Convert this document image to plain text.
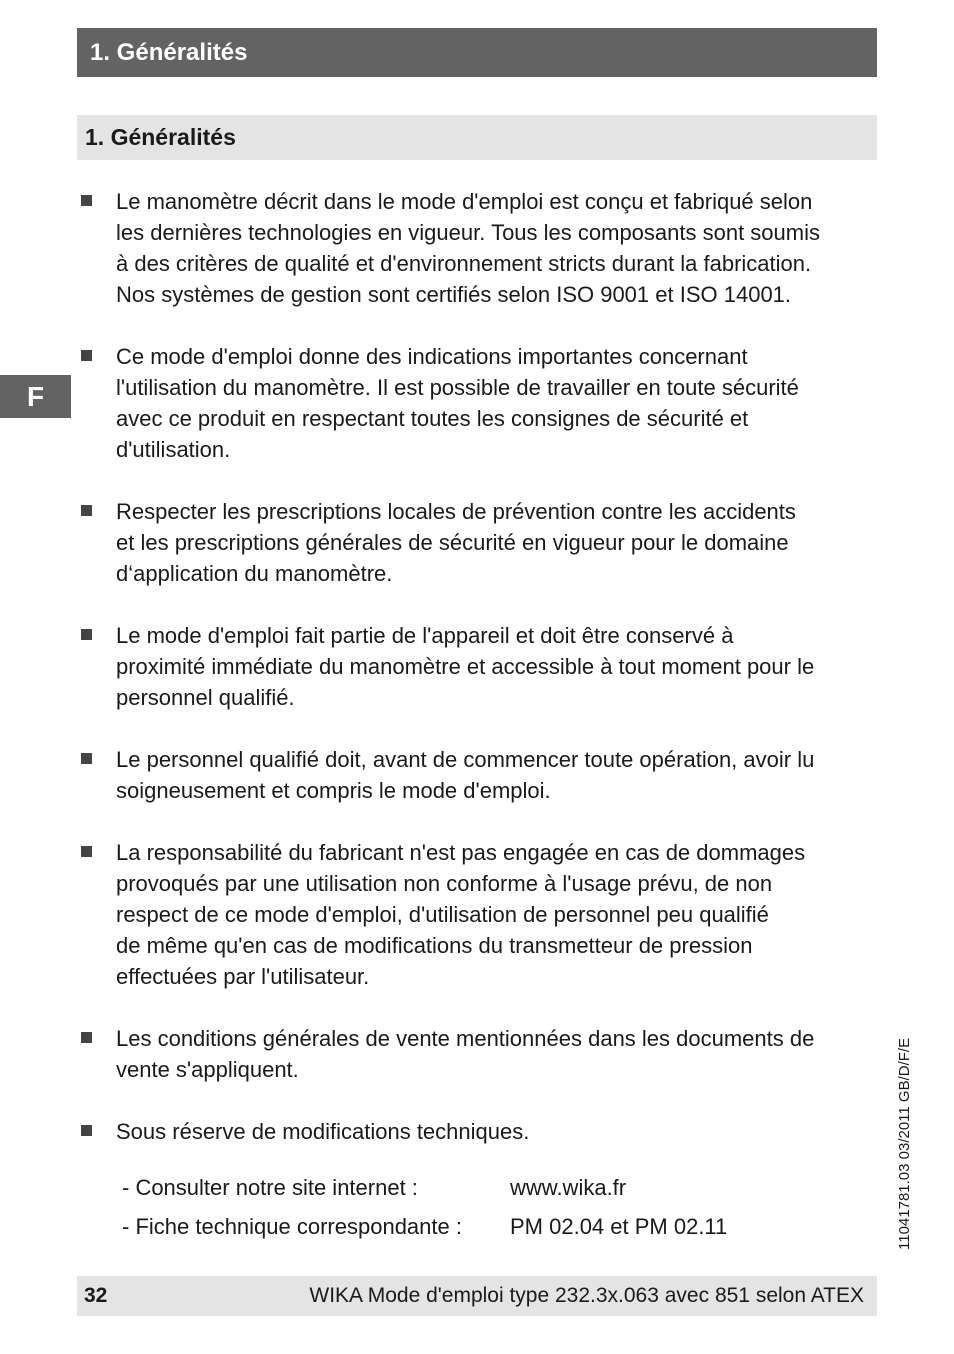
1. Généralités
1. Généralités
F
Le manomètre décrit dans le mode d'emploi est conçu et fabriqué selon
les dernières technologies en vigueur. Tous les composants sont soumis
à des critères de qualité et d'environnement stricts durant la fabrication.
Nos systèmes de gestion sont certifiés selon ISO 9001 et ISO 14001.
Ce mode d'emploi donne des indications importantes concernant
l'utilisation du manomètre. Il est possible de travailler en toute sécurité
avec ce produit en respectant toutes les consignes de sécurité et
d'utilisation.
Respecter les prescriptions locales de prévention contre les accidents
et les prescriptions générales de sécurité en vigueur pour le domaine
d‘application du manomètre.
Le mode d'emploi fait partie de l'appareil et doit être conservé à
proximité immédiate du manomètre et accessible à tout moment pour le
personnel qualifié.
Le personnel qualifié doit, avant de commencer toute opération, avoir lu
soigneusement et compris le mode d'emploi.
La responsabilité du fabricant n'est pas engagée en cas de dommages
provoqués par une utilisation non conforme à l'usage prévu, de non
respect de ce mode d'emploi, d'utilisation de personnel peu qualifié
de même qu'en cas de modifications du transmetteur de pression
effectuées par l'utilisateur.
Les conditions générales de vente mentionnées dans les documents de
vente s'appliquent.
Sous réserve de modifications techniques.
- Consulter notre site internet :	www.wika.fr
- Fiche technique correspondante :	PM 02.04 et PM 02.11	11041781.03 03/2011 GB/D/F/E
32	WIKA Mode d'emploi type 232.3x.063 avec 851 selon ATEX
